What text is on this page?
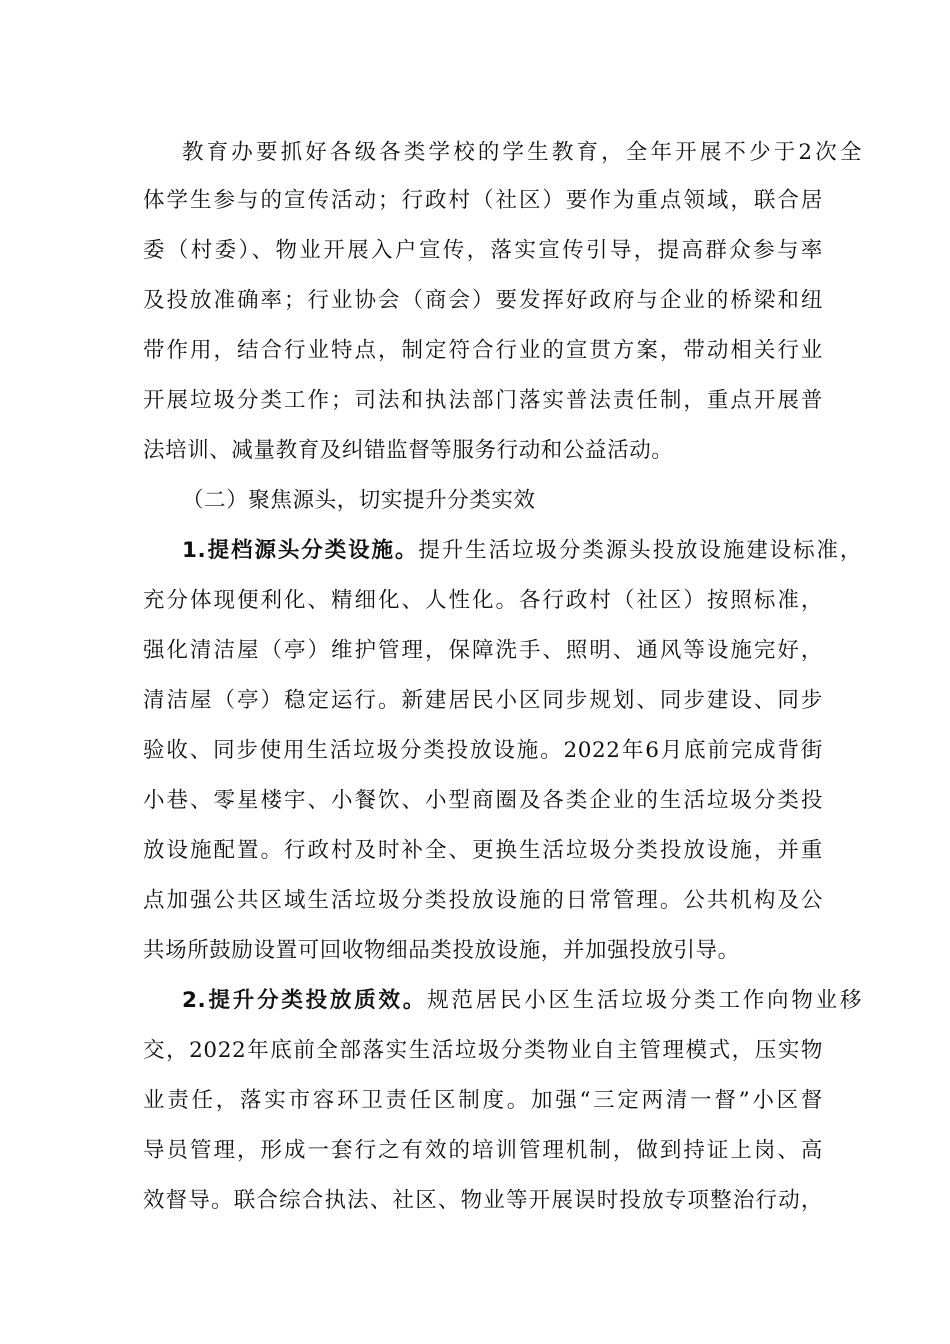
教育办要抓好各级各类学校的学生教育，全年开展不少于2次全
体学生参与的宣传活动；行政村（社区）要作为重点领域，联合居
委（村委）、物业开展入户宣传，落实宣传引导，提高群众参与率
及投放准确率；行业协会（商会）要发挥好政府与企业的桥梁和纽
带作用，结合行业特点，制定符合行业的宣贯方案，带动相关行业
开展垃圾分类工作；司法和执法部门落实普法责任制，重点开展普
法培训、减量教育及纠错监督等服务行动和公益活动。
（二）聚焦源头，切实提升分类实效
1.提档源头分类设施。提升生活垃圾分类源头投放设施建设标准，
充分体现便利化、精细化、人性化。各行政村（社区）按照标准，
强化清洁屋（亭）维护管理，保障洗手、照明、通风等设施完好，
清洁屋（亭）稳定运行。新建居民小区同步规划、同步建设、同步
验收、同步使用生活垃圾分类投放设施。2022年6月底前完成背街
小巷、零星楼宇、小餐饮、小型商圈及各类企业的生活垃圾分类投
放设施配置。行政村及时补全、更换生活垃圾分类投放设施，并重
点加强公共区域生活垃圾分类投放设施的日常管理。公共机构及公
共场所鼓励设置可回收物细品类投放设施，并加强投放引导。
2.提升分类投放质效。规范居民小区生活垃圾分类工作向物业移
交，2022年底前全部落实生活垃圾分类物业自主管理模式，压实物
业责任，落实市容环卫责任区制度。加强“三定两清一督”小区督
导员管理，形成一套行之有效的培训管理机制，做到持证上岗、高
效督导。联合综合执法、社区、物业等开展误时投放专项整治行动，
